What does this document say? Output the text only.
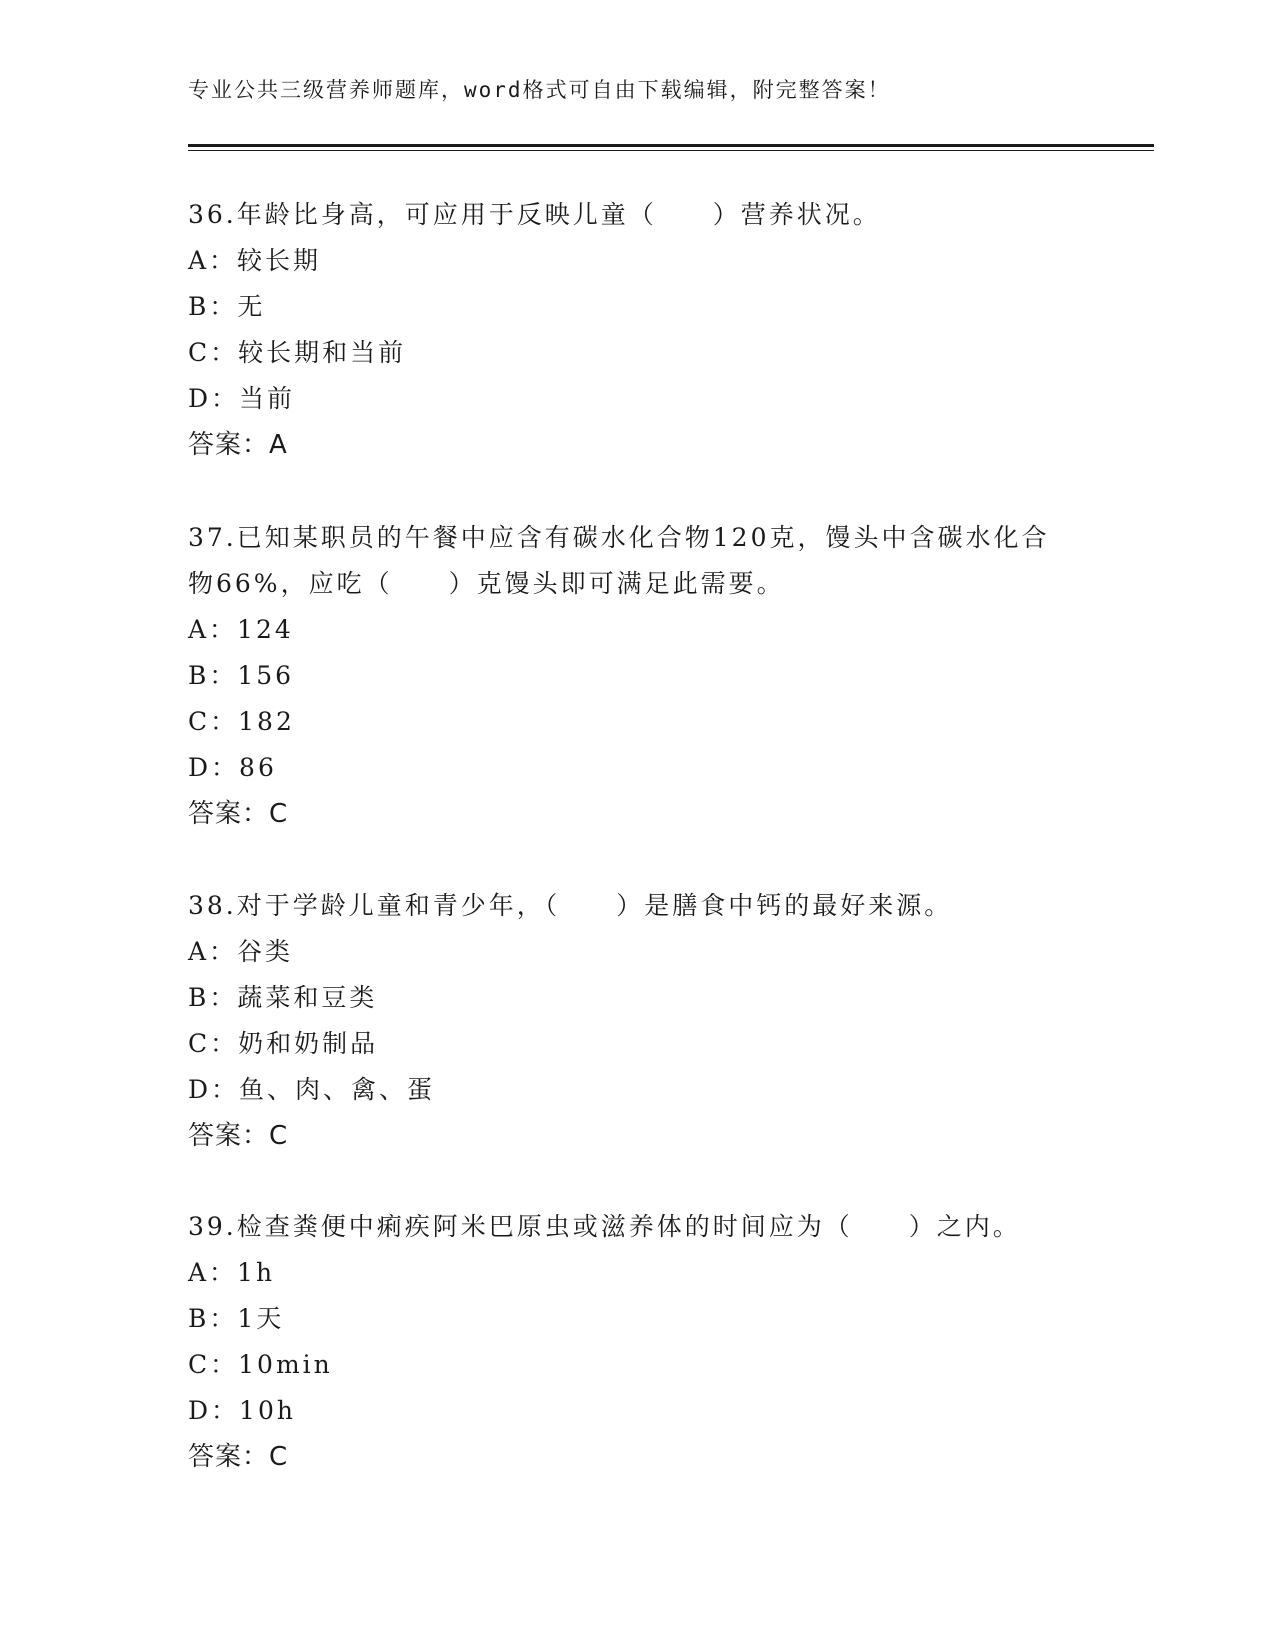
专业公共三级营养师题库，word格式可自由下载编辑，附完整答案！
36.年龄比身高，可应用于反映儿童（　　）营养状况。
A：较长期
B：无
C：较长期和当前
D：当前
答案：A
37.已知某职员的午餐中应含有碳水化合物120克，馒头中含碳水化合
物66%，应吃（　　）克馒头即可满足此需要。
A：124
B：156
C：182
D：86
答案：C
38.对于学龄儿童和青少年，（　　）是膳食中钙的最好来源。
A：谷类
B：蔬菜和豆类
C：奶和奶制品
D：鱼、肉、禽、蛋
答案：C
39.检查粪便中痢疾阿米巴原虫或滋养体的时间应为（　　）之内。
A：1h
B：1天
C：10min
D：10h
答案：C
